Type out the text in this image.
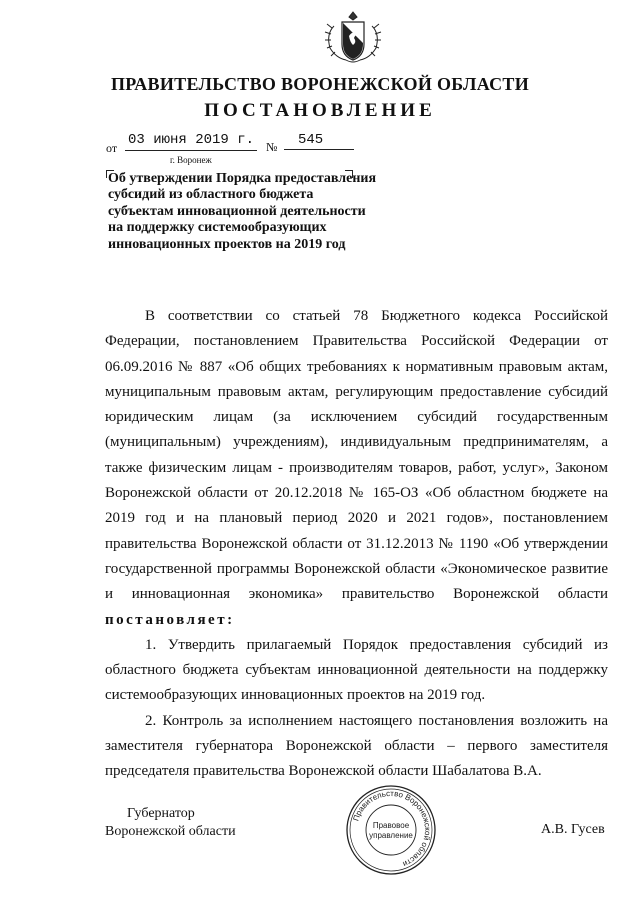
ПРАВИТЕЛЬСТВО ВОРОНЕЖСКОЙ ОБЛАСТИ
ПОСТАНОВЛЕНИЕ
от 03 июня 2019 г. №	545
г. Воронеж
Об утверждении Порядка предоставления субсидий из областного бюджета субъектам инновационной деятельности на поддержку системообразующих инновационных проектов на 2019 год

В соответствии со статьей 78 Бюджетного кодекса Российской Федерации, постановлением Правительства Российской Федерации от 06.09.2016 № 887 «Об общих требованиях к нормативным правовым актам, муниципальным правовым актам, регулирующим предоставление субсидий юридическим лицам (за исключением субсидий государственным (муниципальным) учреждениям), индивидуальным предпринимателям, а также физическим лицам - производителям товаров, работ, услуг», Законом Воронежской области от 20.12.2018 № 165-ОЗ «Об областном бюджете на 2019 год и на плановый период 2020 и 2021 годов», постановлением правительства Воронежской области от 31.12.2013 № 1190 «Об утверждении государственной программы Воронежской области «Экономическое развитие и инновационная экономика» правительство Воронежской области

постановляет:

1. Утвердить прилагаемый Порядок предоставления субсидий из областного бюджета субъектам инновационной деятельности на поддержку системообразующих инновационных проектов на 2019 год.

2. Контроль за исполнением настоящего постановления возложить на заместителя губернатора Воронежской области – первого заместителя председателя правительства Воронежской области Шабалатова В.А.

Губернатор
Воронежской области	А.В. Гусев
Правительство Воронежской области
Правовое
управление
